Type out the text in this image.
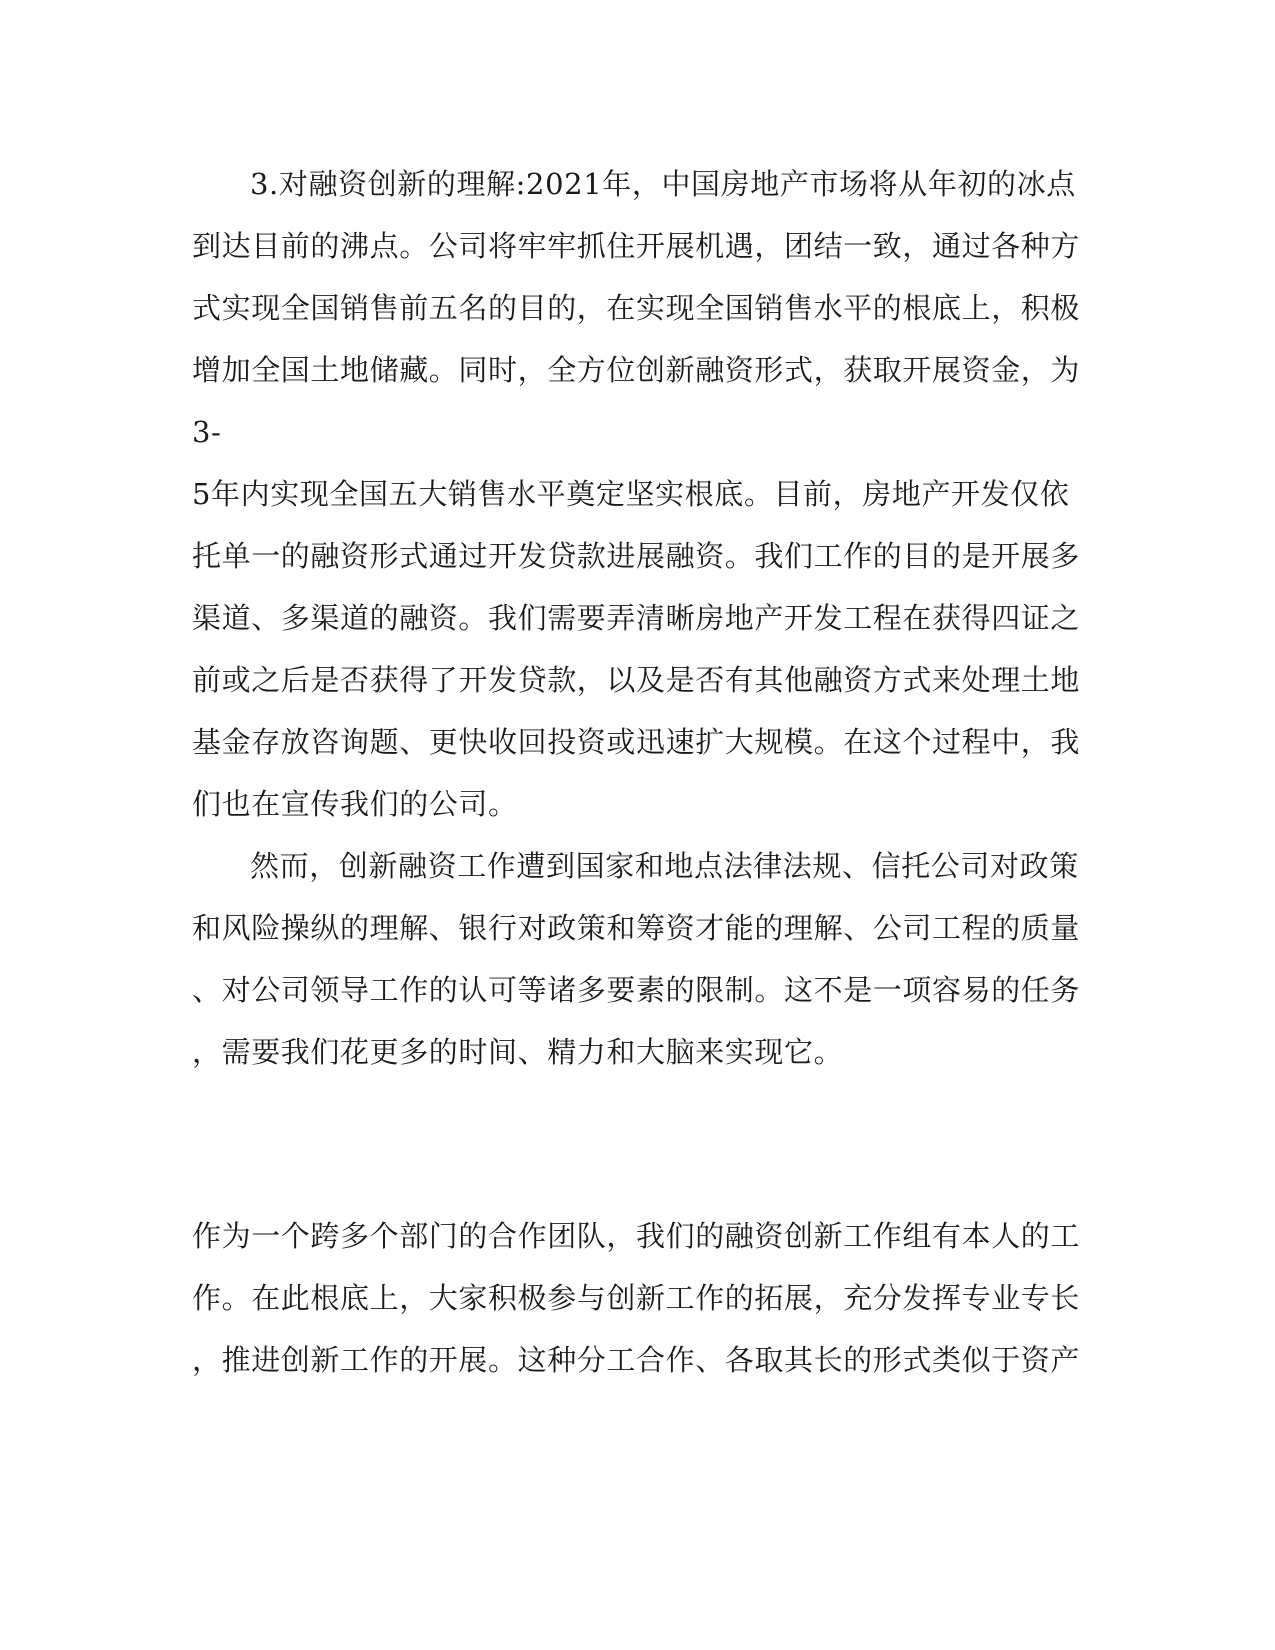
3.对融资创新的理解:2021年，中国房地产市场将从年初的冰点
到达目前的沸点。公司将牢牢抓住开展机遇，团结一致，通过各种方
式实现全国销售前五名的目的，在实现全国销售水平的根底上，积极
增加全国土地储藏。同时，全方位创新融资形式，获取开展资金，为
3-
5年内实现全国五大销售水平奠定坚实根底。目前，房地产开发仅依
托单一的融资形式通过开发贷款进展融资。我们工作的目的是开展多
渠道、多渠道的融资。我们需要弄清晰房地产开发工程在获得四证之
前或之后是否获得了开发贷款，以及是否有其他融资方式来处理土地
基金存放咨询题、更快收回投资或迅速扩大规模。在这个过程中，我
们也在宣传我们的公司。
然而，创新融资工作遭到国家和地点法律法规、信托公司对政策
和风险操纵的理解、银行对政策和筹资才能的理解、公司工程的质量
、对公司领导工作的认可等诸多要素的限制。这不是一项容易的任务
，需要我们花更多的时间、精力和大脑来实现它。
作为一个跨多个部门的合作团队，我们的融资创新工作组有本人的工
作。在此根底上，大家积极参与创新工作的拓展，充分发挥专业专长
，推进创新工作的开展。这种分工合作、各取其长的形式类似于资产
